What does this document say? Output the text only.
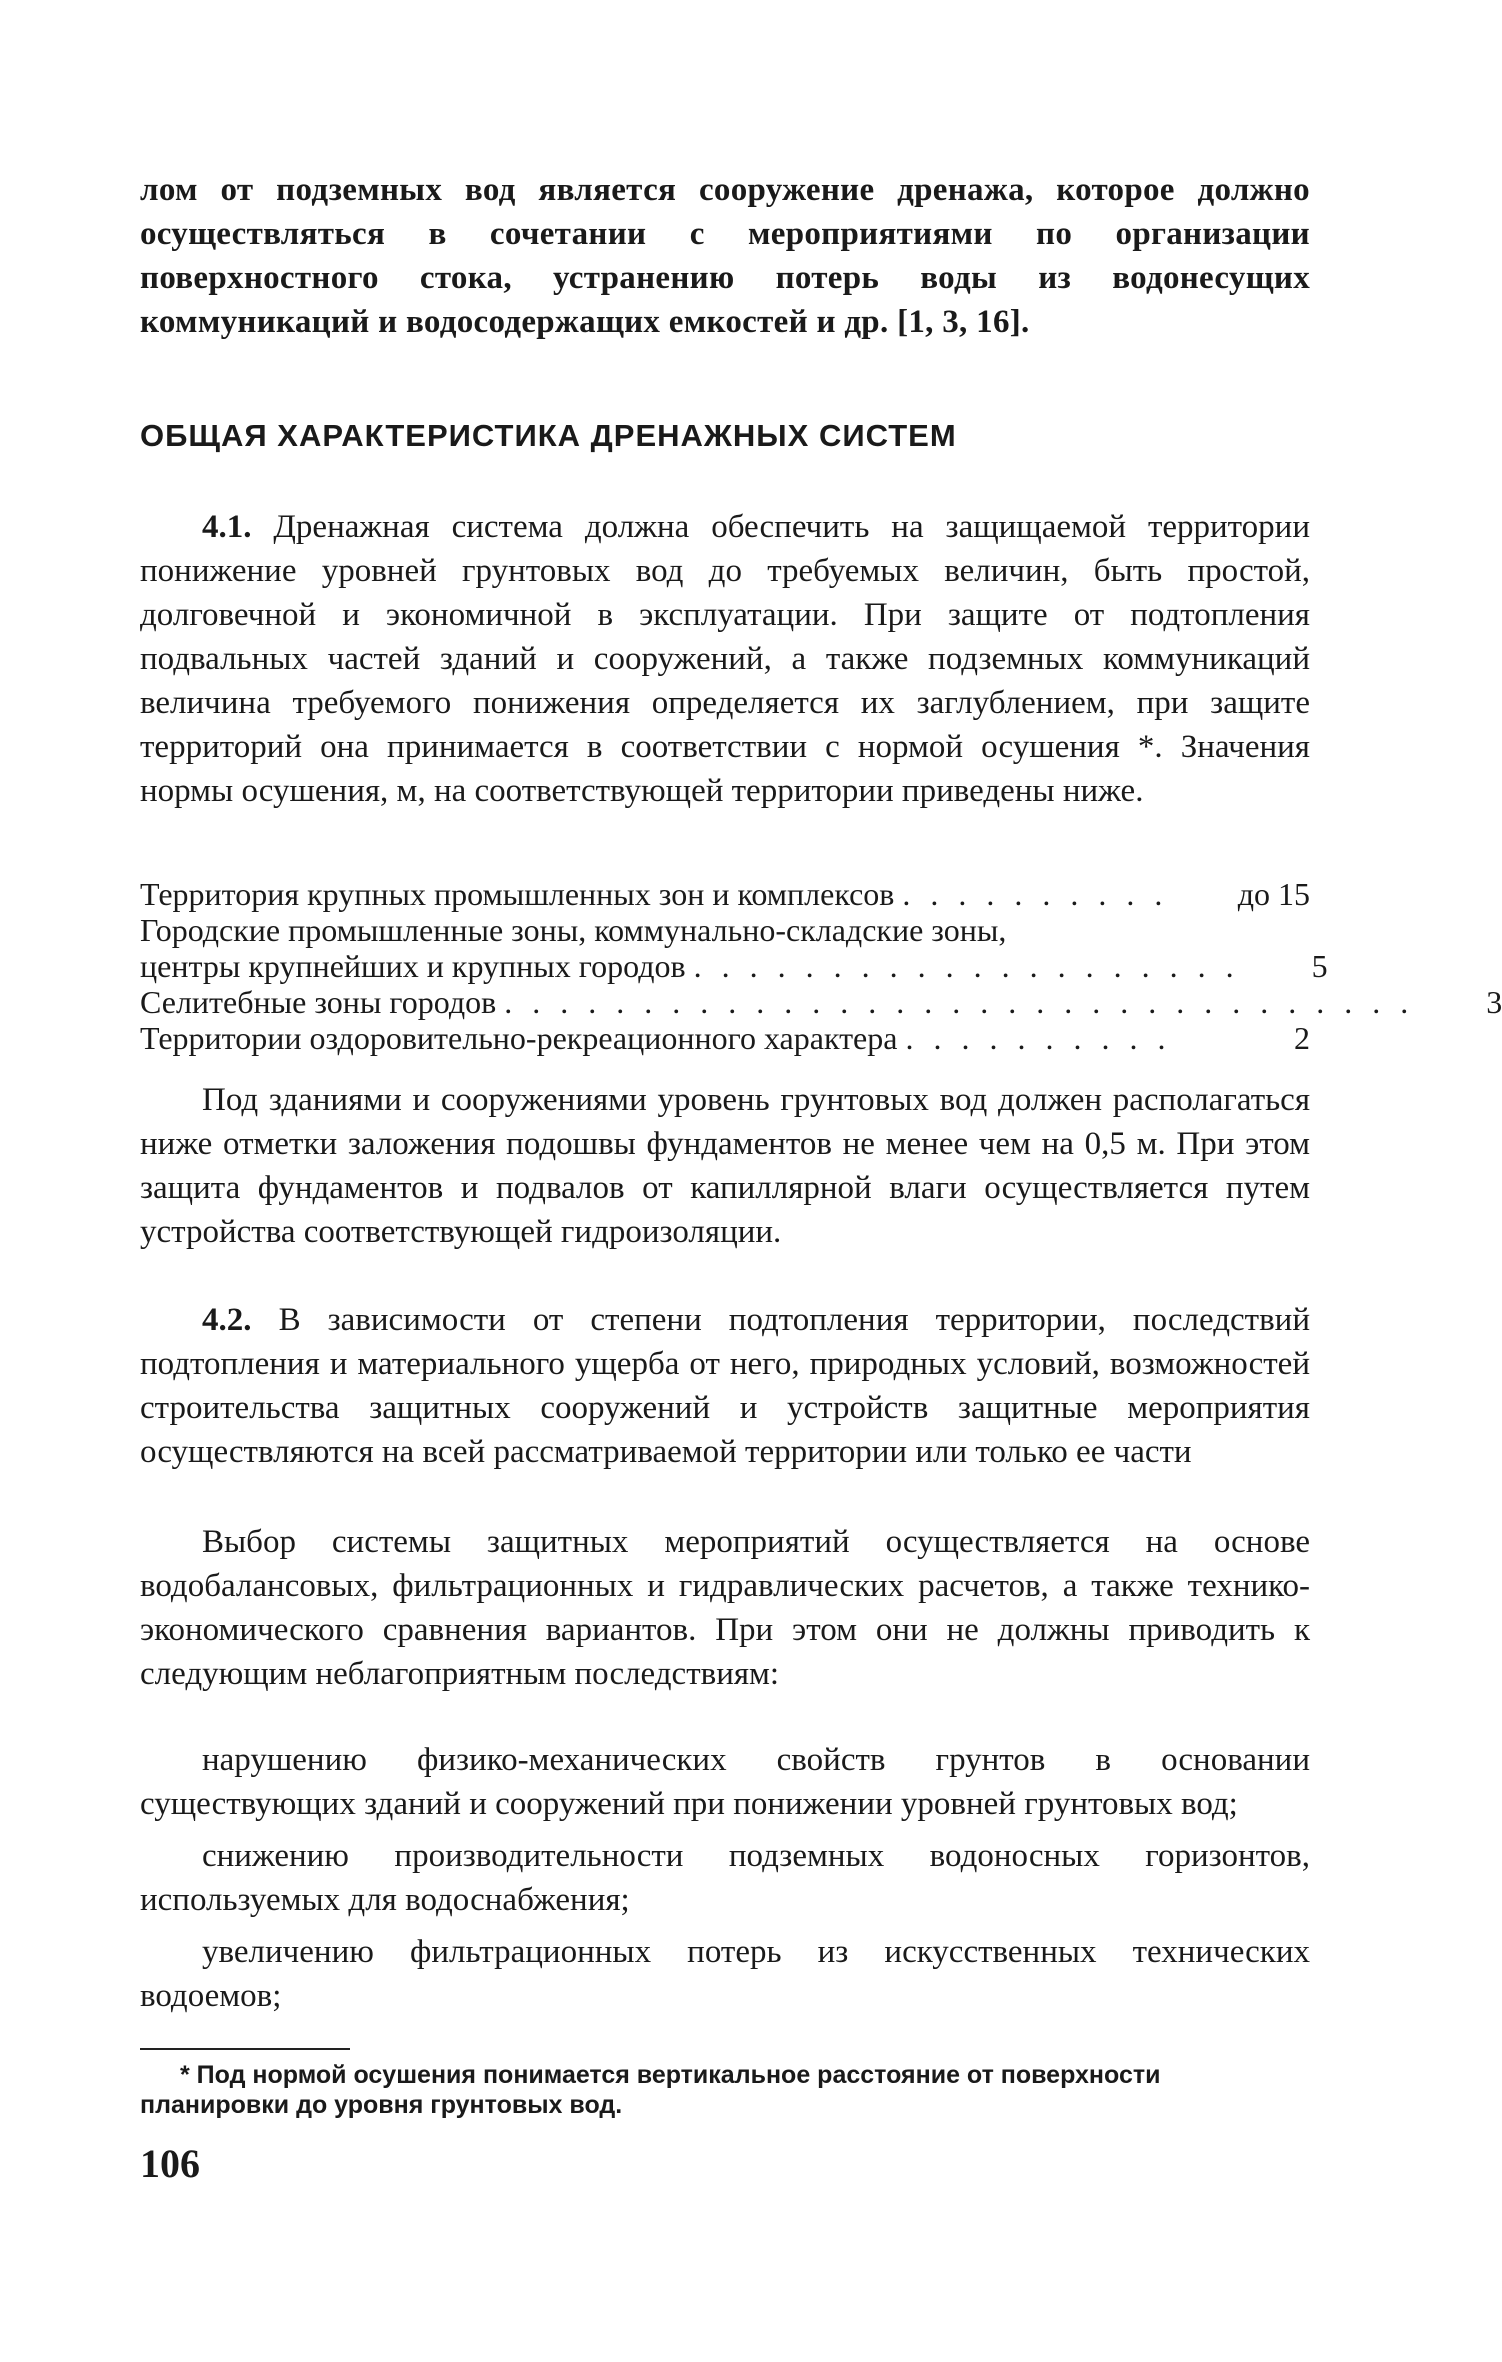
лом от подземных вод является сооружение дренажа, которое должно осуществляться в сочетании с мероприятиями по организации поверхностного стока, устранению потерь воды из водонесущих коммуникаций и водосодержащих емкостей и др. [1, 3, 16].

ОБЩАЯ ХАРАКТЕРИСТИКА ДРЕНАЖНЫХ СИСТЕМ

4.1. Дренажная система должна обеспечить на защищаемой территории понижение уровней грунтовых вод до требуемых величин, быть простой, долговечной и экономичной в эксплуатации. При защите от подтопления подвальных частей зданий и сооружений, а также подземных коммуникаций величина требуемого понижения определяется их заглублением, при защите территорий она принимается в соответствии с нормой осушения *. Значения нормы осушения, м, на соответствующей территории приведены ниже.

Территория крупных промышленных зон и комплексов . . . . . . . . . .	до 15
Городские промышленные зоны, коммунально-складские зоны,
центры крупнейших и крупных городов . . . . . . . . . . . . . . . . . . . .	5
Селитебные зоны городов . . . . . . . . . . . . . . . . . . . . . . . . . . . . . . . . .	3
Территории оздоровительно-рекреационного характера . . . . . . . . . .	2

Под зданиями и сооружениями уровень грунтовых вод должен располагаться ниже отметки заложения подошвы фундаментов не менее чем на 0,5 м. При этом защита фундаментов и подвалов от капиллярной влаги осуществляется путем устройства соответствующей гидроизоляции.

4.2. В зависимости от степени подтопления территории, последствий подтопления и материального ущерба от него, природных условий, возможностей строительства защитных сооружений и устройств защитные мероприятия осуществляются на всей рассматриваемой территории или только ее части

Выбор системы защитных мероприятий осуществляется на основе водобалансовых, фильтрационных и гидравлических расчетов, а также технико-экономического сравнения вариантов. При этом они не должны приводить к следующим неблагоприятным последствиям:

нарушению физико-механических свойств грунтов в основании существующих зданий и сооружений при понижении уровней грунтовых вод;

снижению производительности подземных водоносных горизонтов, используемых для водоснабжения;

увеличению фильтрационных потерь из искусственных технических водоемов;

* Под нормой осушения понимается вертикальное расстояние от поверхности планировки до уровня грунтовых вод.

106
